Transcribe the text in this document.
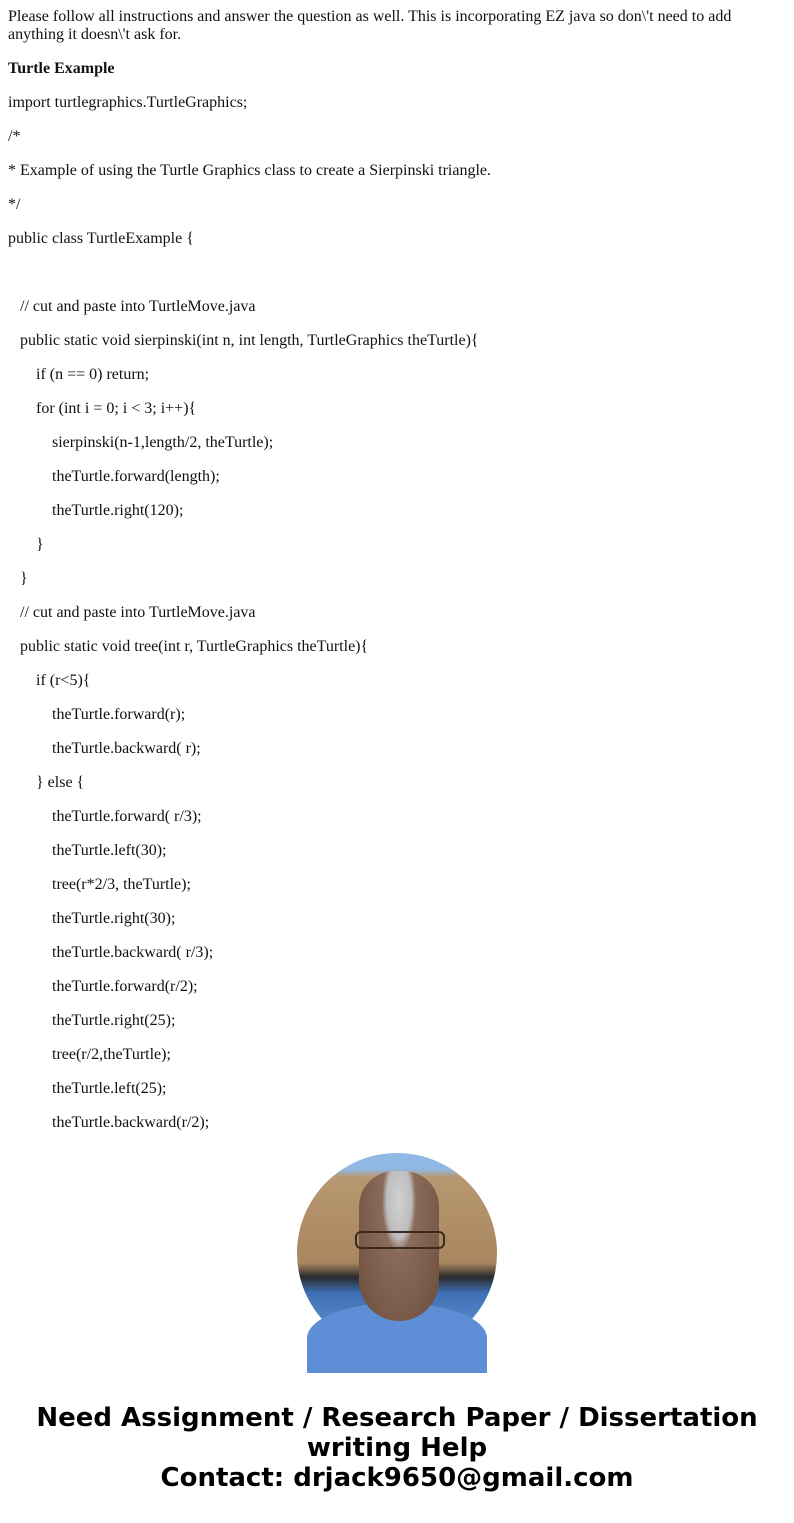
Please follow all instructions and answer the question as well. This is incorporating EZ java so don\'t need to add anything it doesn\'t ask for.

Turtle Example

import turtlegraphics.TurtleGraphics;

/*

* Example of using the Turtle Graphics class to create a Sierpinski triangle.

*/

public class TurtleExample {

// cut and paste into TurtleMove.java

public static void sierpinski(int n, int length, TurtleGraphics theTurtle){

if (n == 0) return;

for (int i = 0; i < 3; i++){

sierpinski(n-1,length/2, theTurtle);

theTurtle.forward(length);

theTurtle.right(120);

}

}

// cut and paste into TurtleMove.java

public static void tree(int r, TurtleGraphics theTurtle){

if (r<5){

theTurtle.forward(r);

theTurtle.backward( r);

} else {

theTurtle.forward( r/3);

theTurtle.left(30);

tree(r*2/3, theTurtle);

theTurtle.right(30);

theTurtle.backward( r/3);

theTurtle.forward(r/2);

theTurtle.right(25);

tree(r/2,theTurtle);

theTurtle.left(25);

theTurtle.backward(r/2);

Need Assignment / Research Paper / Dissertation
writing Help
Contact: drjack9650@gmail.com
